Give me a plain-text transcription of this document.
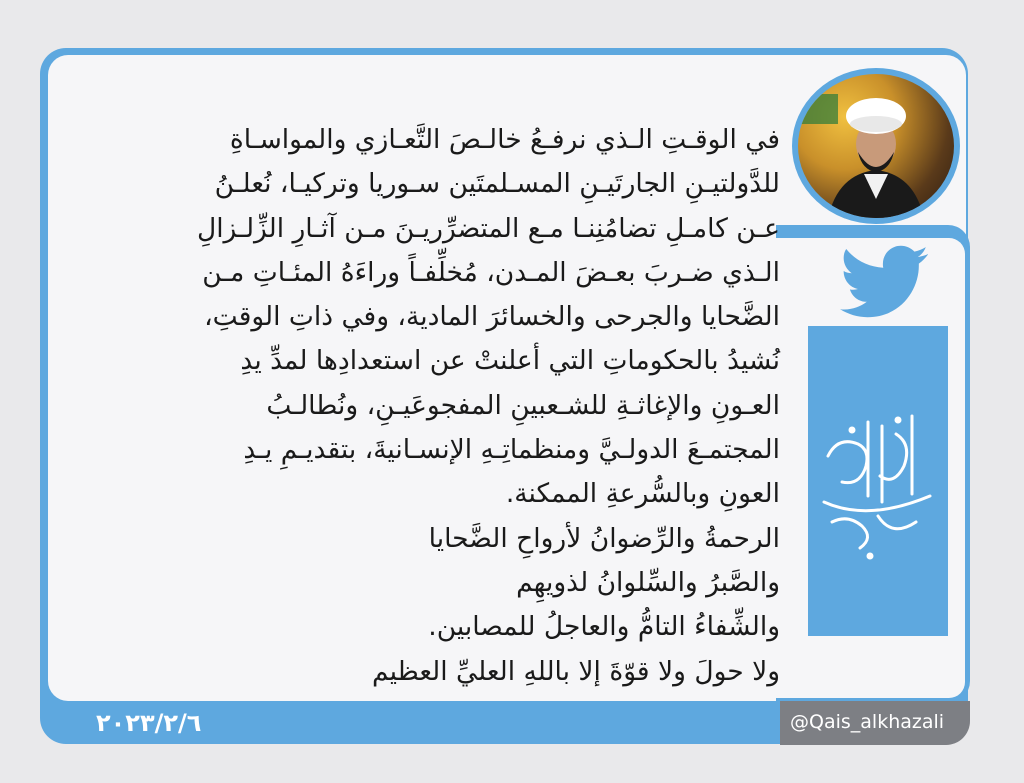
في الوقـتِ الـذي نرفـعُ خالـصَ التَّعـازي والمواسـاةِ
للدَّولتيـنِ الجارتَيـنِ المسـلمتَين سـوريا وتركيـا، نُعلـنُ
عـن كامـلِ تضامُنِنـا مـع المتضرِّريـنَ مـن آثـارِ الزِّلـزالِ
الـذي ضـربَ بعـضَ المـدن، مُخلِّفـاً وراءَهُ المئـاتِ مـن
الضَّحايا والجرحى والخسائرَ المادية، وفي ذاتِ الوقتِ،
نُشيدُ بالحكوماتِ التي أعلنتْ عن استعدادِها لمدِّ يدِ
العـونِ والإغاثـةِ للشـعبينِ المفجوعَيـنِ، ونُطالـبُ
المجتمـعَ الدولـيَّ ومنظماتِـهِ الإنسـانيةَ، بتقديـمِ يـدِ
العونِ وبالسُّرعةِ الممكنة.
الرحمةُ والرِّضوانُ لأرواحِ الضَّحايا
والصَّبرُ والسِّلوانُ لذويهِم
والشِّفاءُ التامُّ والعاجلُ للمصابين.
ولا حولَ ولا قوّةَ إلا باللهِ العليِّ العظيم
٢٠٢٣/٢/٦	@Qais_alkhazali
